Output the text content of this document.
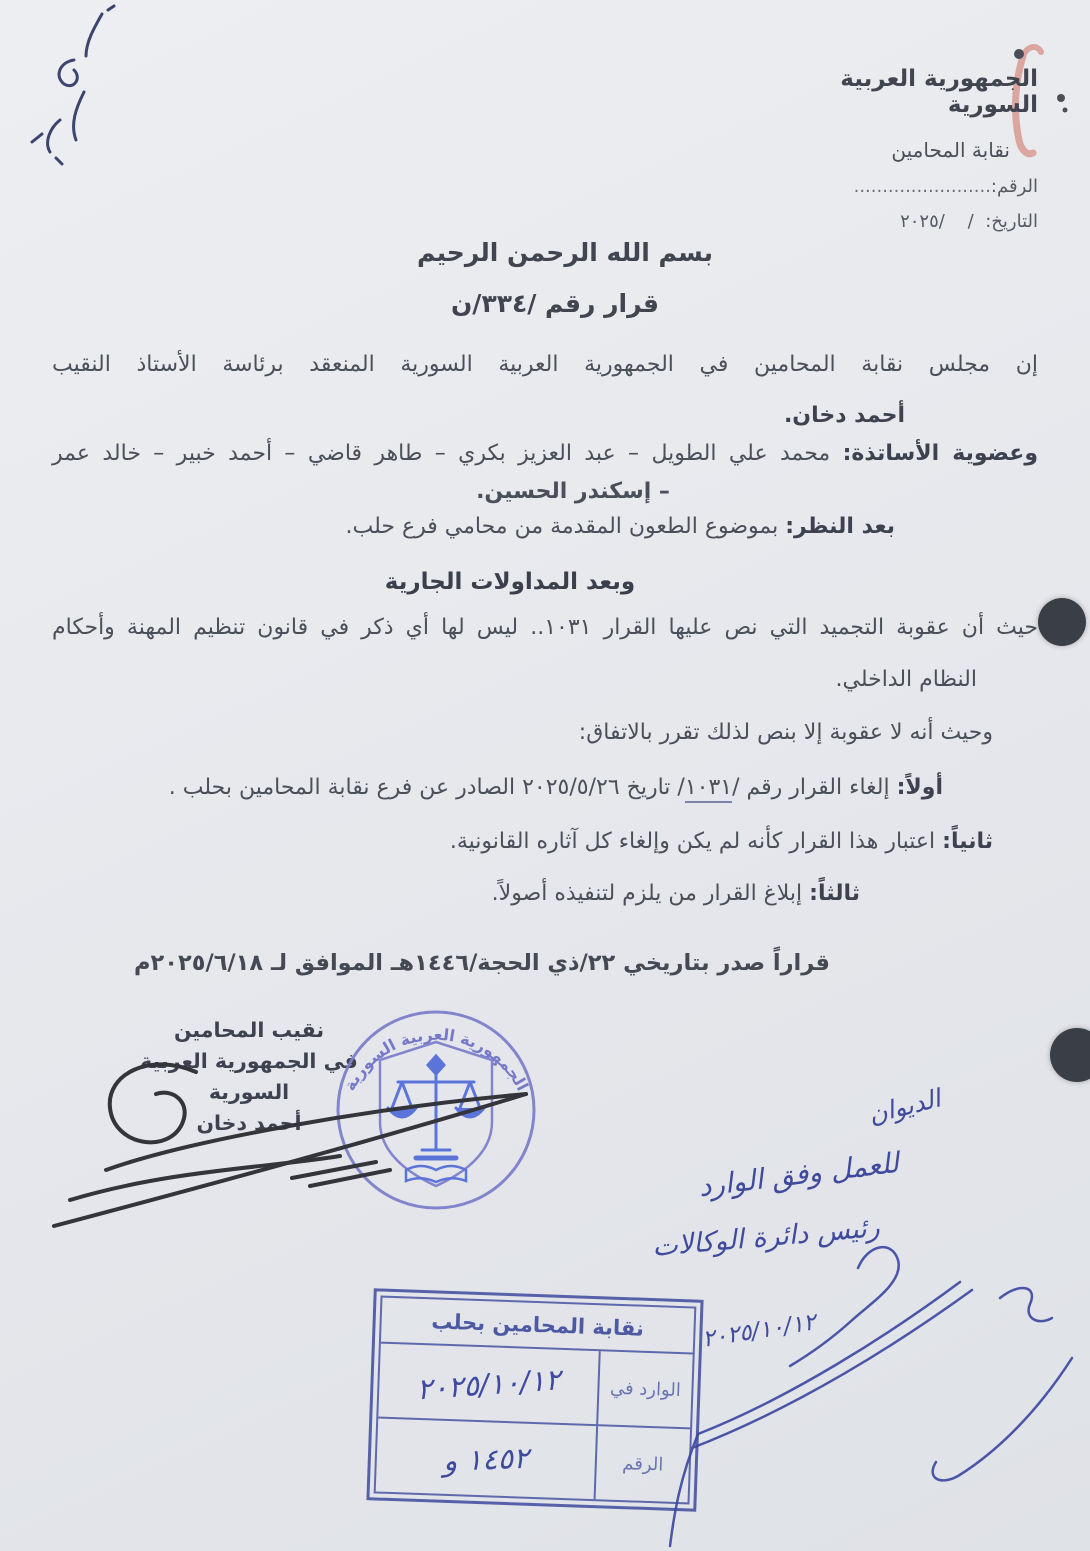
الجمهورية العربية السورية
نقابة المحامين
الرقم:........................
التاريخ:  /    /٢٠٢٥
بسم الله الرحمن الرحيم
قرار رقم /٣٣٤/ن
إن مجلس نقابة المحامين في الجمهورية العربية السورية المنعقد برئاسة الأستاذ النقيب
أحمد دخان.
وعضوية الأساتذة: محمد علي الطويل – عبد العزيز بكري – طاهر قاضي – أحمد خبير – خالد عمر
– إسكندر الحسين.
بعد النظر: بموضوع الطعون المقدمة من محامي فرع حلب.
وبعد المداولات الجارية
حيث أن عقوبة التجميد التي نص عليها القرار ١٠٣١.. ليس لها أي ذكر في قانون تنظيم المهنة وأحكام
النظام الداخلي.
وحيث أنه لا عقوبة إلا بنص لذلك تقرر بالاتفاق:
أولاً: إلغاء القرار رقم /١٠٣١/ تاريخ ٢٠٢٥/٥/٢٦ الصادر عن فرع نقابة المحامين بحلب .
ثانياً: اعتبار هذا القرار كأنه لم يكن وإلغاء كل آثاره القانونية.
ثالثاً: إبلاغ القرار من يلزم لتنفيذه أصولاً.
قراراً صدر بتاريخي ٢٢/ذي الحجة/١٤٤٦هـ الموافق لـ ٢٠٢٥/٦/١٨م
نقيب المحامين
في الجمهورية العربية السورية
أحمد دخان
الجمهورية العربية السورية	الديوان
للعمل وفق الوارد
رئيس دائرة الوكالات
٢٠٢٥/١٠/١٢
نقابة المحامين بحلب
الوارد في
٢٠٢٥/١٠/١٢
الرقم
١٤٥٢ و
